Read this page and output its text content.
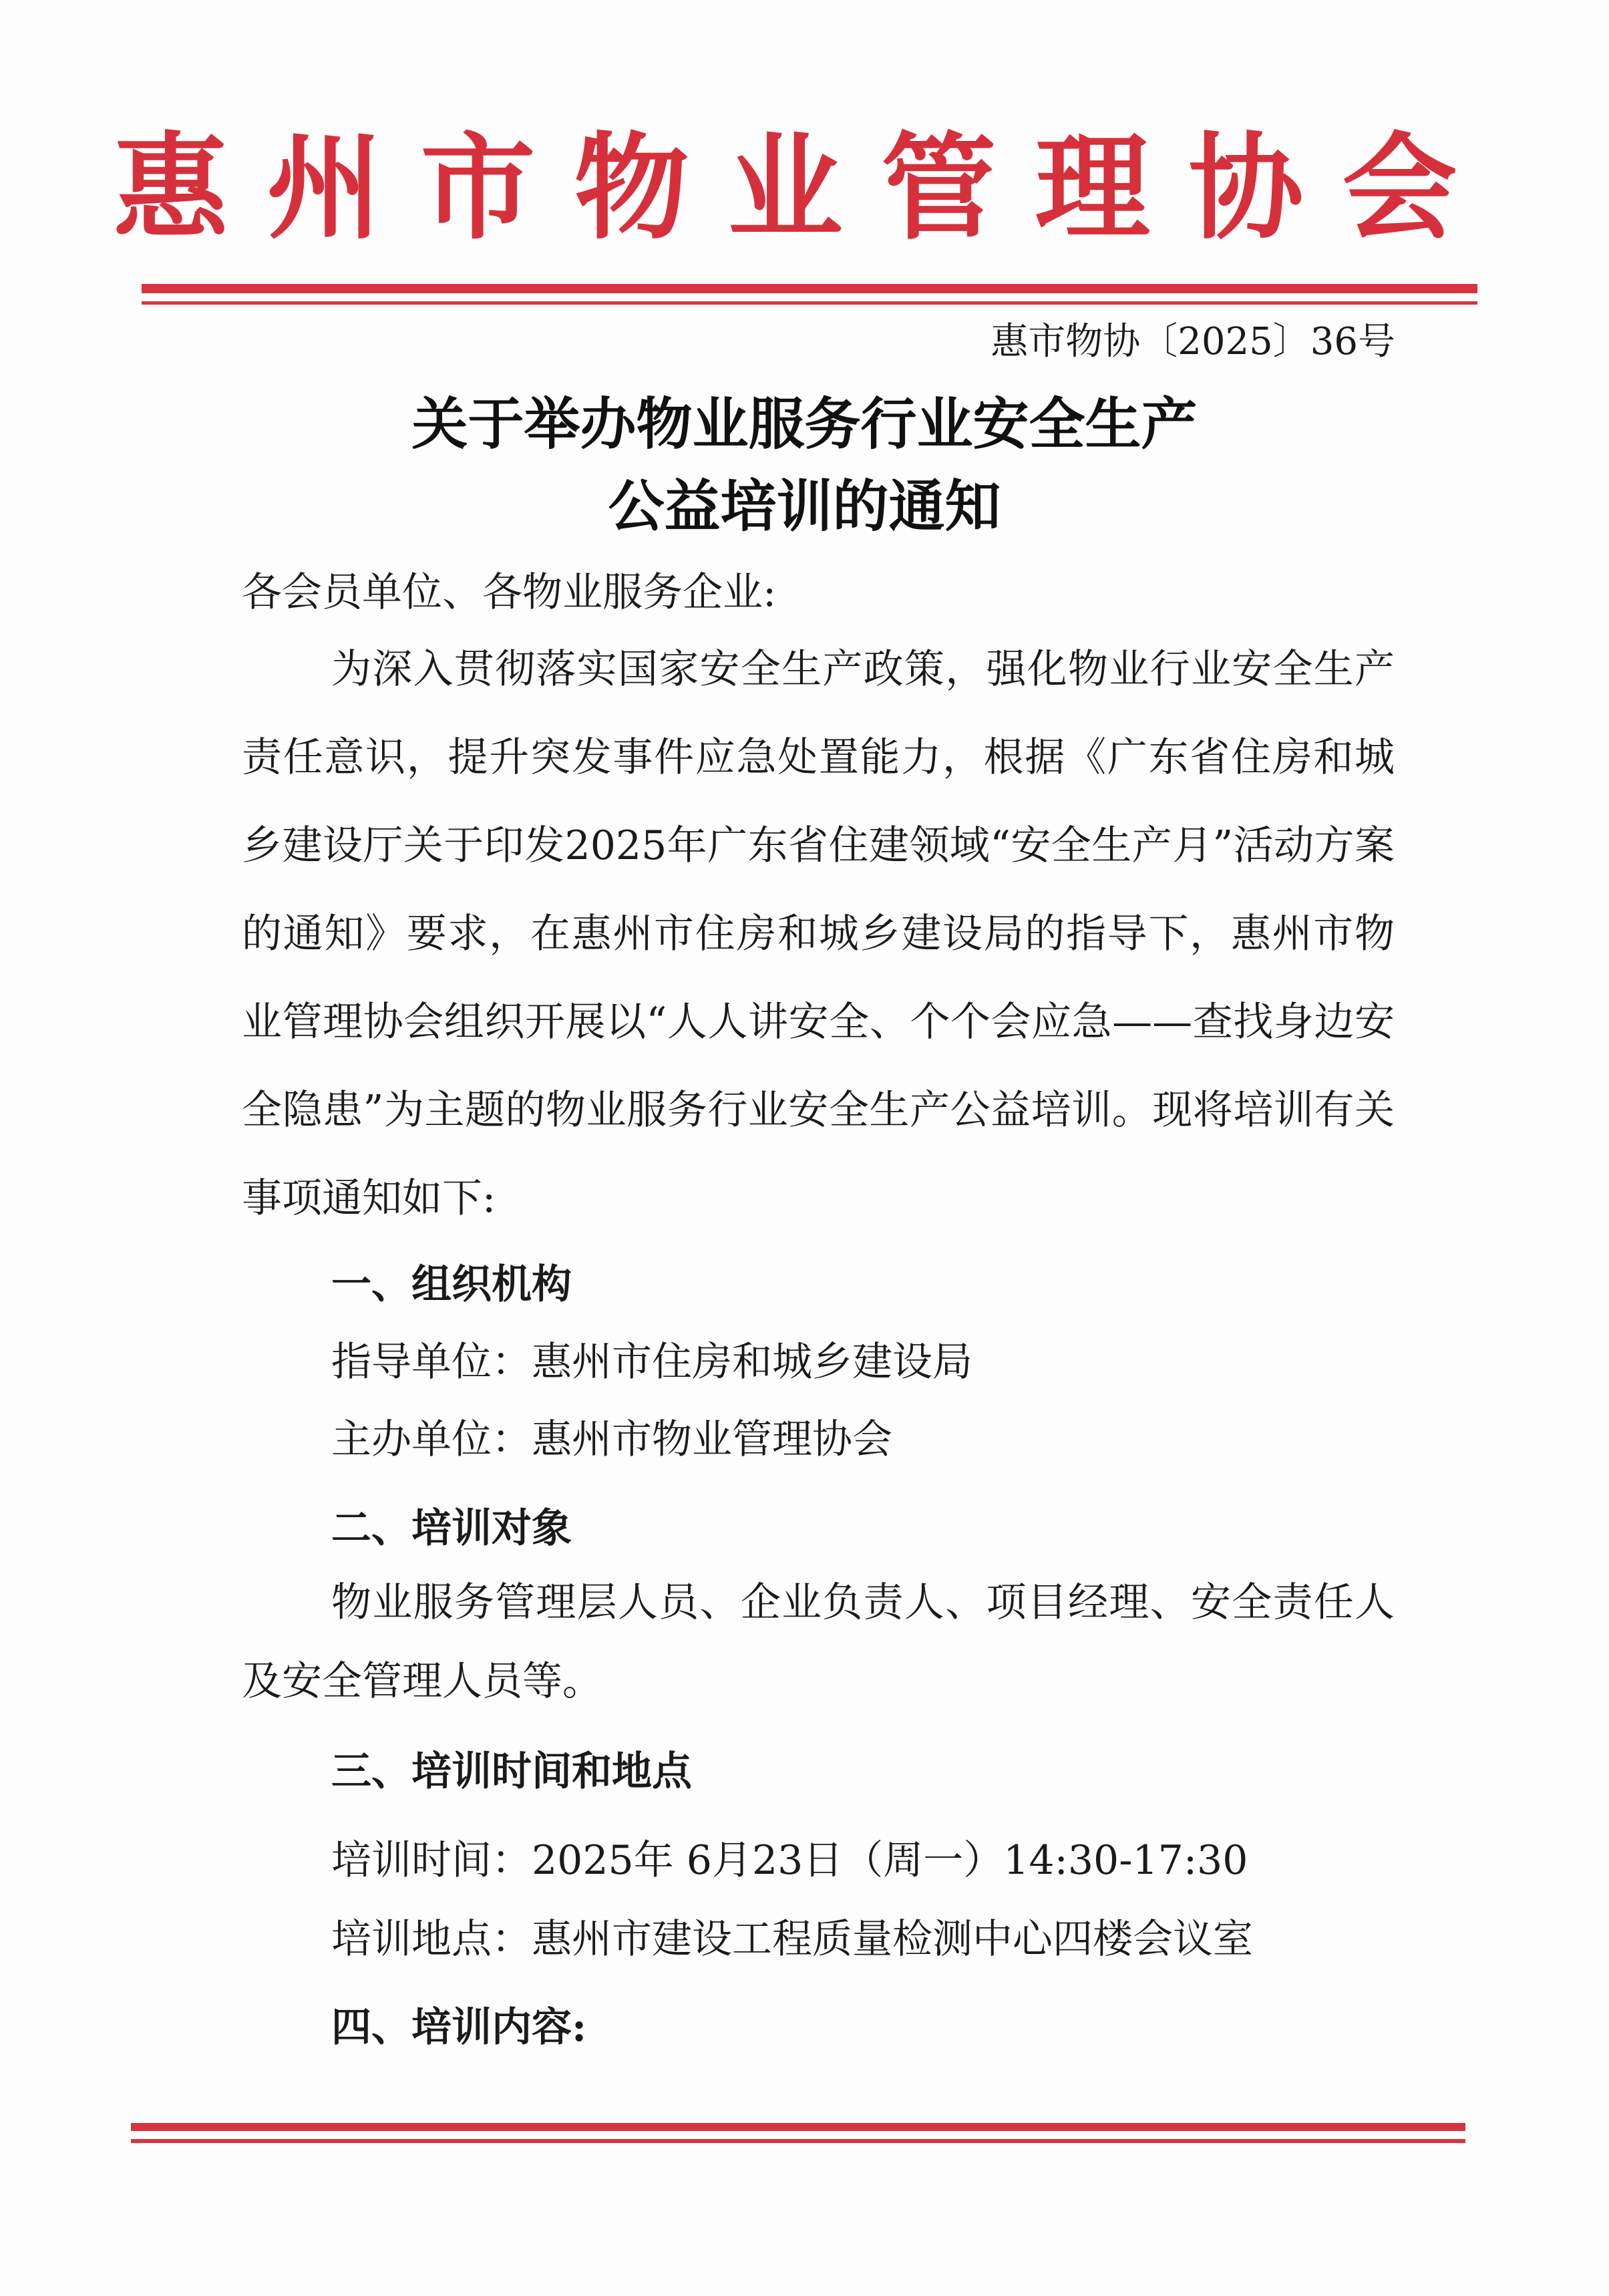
惠州市物业管理协会
惠市物协〔2025〕36号
关于举办物业服务行业安全生产
公益培训的通知
各会员单位、各物业服务企业:
为深入贯彻落实国家安全生产政策，强化物业行业安全生产责任意识，提升突发事件应急处置能力，根据《广东省住房和城乡建设厅关于印发2025年广东省住建领域“安全生产月”活动方案的通知》要求，在惠州市住房和城乡建设局的指导下，惠州市物业管理协会组织开展以“人人讲安全、个个会应急——查找身边安全隐患”为主题的物业服务行业安全生产公益培训。现将培训有关事项通知如下:
一、组织机构
指导单位：惠州市住房和城乡建设局
主办单位：惠州市物业管理协会
二、培训对象
物业服务管理层人员、企业负责人、项目经理、安全责任人及安全管理人员等。
三、培训时间和地点
培训时间：2025年 6月23日（周一）14:30-17:30
培训地点：惠州市建设工程质量检测中心四楼会议室
四、培训内容:
